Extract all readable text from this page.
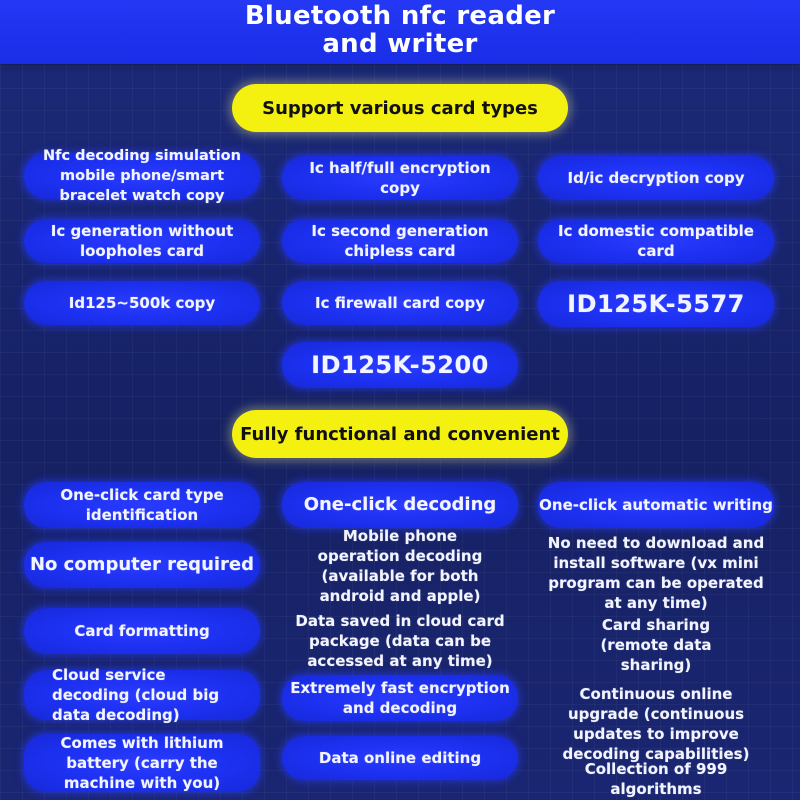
Bluetooth nfc reader
and writer
Support various card types
Nfc decoding simulation mobile phone/smart bracelet watch copy
Ic half/full encryption copy
Id/ic decryption copy
Ic generation without loopholes card
Ic second generation chipless card
Ic domestic compatible card
Id125~500k copy	Ic firewall card copy	ID125K-5577
ID125K-5200
Fully functional and convenient
One-click card type identification	One-click decoding	One-click automatic writing
No computer required
Mobile phone operation decoding (available for both android and apple)
No need to download and install software (vx mini program can be operated at any time)
Card formatting
Data saved in cloud card package (data can be accessed at any time)
Card sharing (remote data sharing)
Cloud service decoding (cloud big data decoding)
Extremely fast encryption and decoding
Continuous online upgrade (continuous updates to improve decoding capabilities)
Comes with lithium battery (carry the machine with you)
Data online editing
Collection of 999 algorithms
